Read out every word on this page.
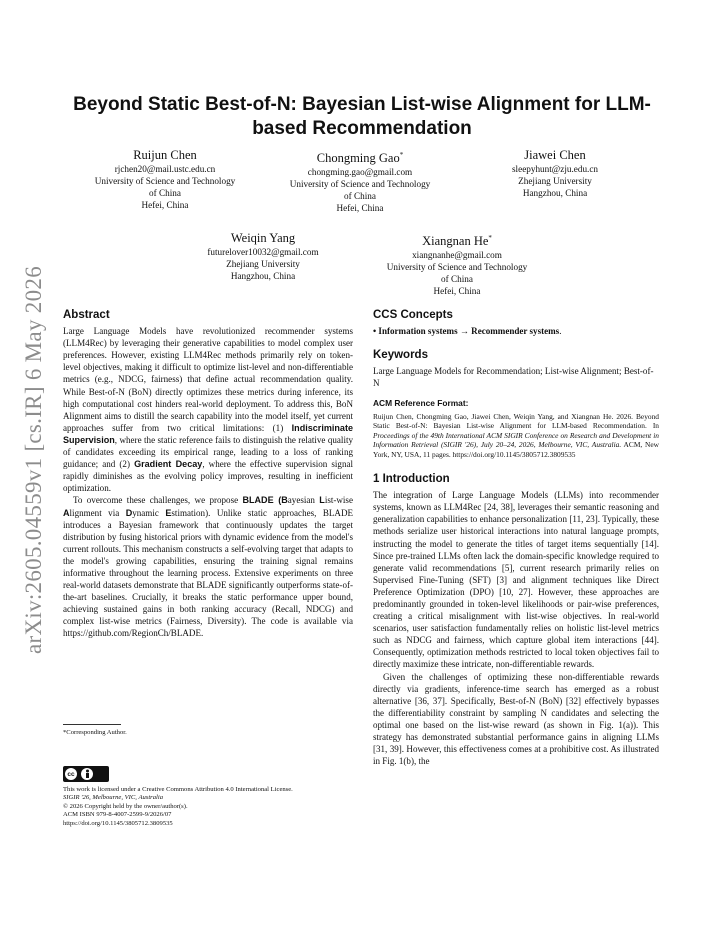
arXiv:2605.04559v1 [cs.IR] 6 May 2026
Beyond Static Best-of-N: Bayesian List-wise Alignment for LLM-based Recommendation
Ruijun Chen
rjchen20@mail.ustc.edu.cn
University of Science and Technology
of China
Hefei, China
Chongming Gao*
chongming.gao@gmail.com
University of Science and Technology
of China
Hefei, China
Jiawei Chen
sleepyhunt@zju.edu.cn
Zhejiang University
Hangzhou, China
Weiqin Yang
futurelover10032@gmail.com
Zhejiang University
Hangzhou, China
Xiangnan He*
xiangnanhe@gmail.com
University of Science and Technology
of China
Hefei, China
Abstract

Large Language Models have revolutionized recommender systems (LLM4Rec) by leveraging their generative capabilities to model complex user preferences. However, existing LLM4Rec methods primarily rely on token-level objectives, making it difficult to optimize list-level and non-differentiable metrics (e.g., NDCG, fairness) that define actual recommendation quality. While Best-of-N (BoN) directly optimizes these metrics during inference, its high computational cost hinders real-world deployment. To address this, BoN Alignment aims to distill the search capability into the model itself, yet current approaches suffer from two critical limitations: (1) Indiscriminate Supervision, where the static reference fails to distinguish the relative quality of candidates exceeding its empirical range, leading to a loss of ranking guidance; and (2) Gradient Decay, where the effective supervision signal rapidly diminishes as the evolving policy improves, resulting in inefficient optimization.

To overcome these challenges, we propose BLADE (Bayesian List-wise Alignment via Dynamic Estimation). Unlike static approaches, BLADE introduces a Bayesian framework that continuously updates the target distribution by fusing historical priors with dynamic evidence from the model's current rollouts. This mechanism constructs a self-evolving target that adapts to the model's growing capabilities, ensuring the training signal remains informative throughout the learning process. Extensive experiments on three real-world datasets demonstrate that BLADE significantly outperforms state-of-the-art baselines. Crucially, it breaks the static performance upper bound, achieving sustained gains in both ranking accuracy (Recall, NDCG) and complex list-wise metrics (Fairness, Diversity). The code is available via https://github.com/RegionCh/BLADE.

*Corresponding Author.
cc
This work is licensed under a Creative Commons Attribution 4.0 International License.
SIGIR '26, Melbourne, VIC, Australia
© 2026 Copyright held by the owner/author(s).
ACM ISBN 979-8-4007-2599-9/2026/07
https://doi.org/10.1145/3805712.3809535
CCS Concepts

• Information systems → Recommender systems.

Keywords

Large Language Models for Recommendation; List-wise Alignment; Best-of-N

ACM Reference Format:

Ruijun Chen, Chongming Gao, Jiawei Chen, Weiqin Yang, and Xiangnan He. 2026. Beyond Static Best-of-N: Bayesian List-wise Alignment for LLM-based Recommendation. In Proceedings of the 49th International ACM SIGIR Conference on Research and Development in Information Retrieval (SIGIR '26), July 20–24, 2026, Melbourne, VIC, Australia. ACM, New York, NY, USA, 11 pages. https://doi.org/10.1145/3805712.3809535

1 Introduction

The integration of Large Language Models (LLMs) into recommender systems, known as LLM4Rec [24, 38], leverages their semantic reasoning and generalization capabilities to enhance personalization [11, 23]. Typically, these methods serialize user historical interactions into natural language prompts, instructing the model to generate the titles of target items sequentially [14]. Since pre-trained LLMs often lack the domain-specific knowledge required to generate valid recommendations [5], current research primarily relies on Supervised Fine-Tuning (SFT) [3] and alignment techniques like Direct Preference Optimization (DPO) [10, 27]. However, these approaches are predominantly grounded in token-level likelihoods or pair-wise preferences, creating a critical misalignment with list-wise objectives. In real-world scenarios, user satisfaction fundamentally relies on holistic list-level metrics such as NDCG and fairness, which capture global item interactions [44]. Consequently, optimization methods restricted to local token objectives fail to directly maximize these intricate, non-differentiable rewards.

Given the challenges of optimizing these non-differentiable rewards directly via gradients, inference-time search has emerged as a robust alternative [36, 37]. Specifically, Best-of-N (BoN) [32] effectively bypasses the differentiability constraint by sampling N candidates and selecting the optimal one based on the list-wise reward (as shown in Fig. 1(a)). This strategy has demonstrated substantial performance gains in aligning LLMs [31, 39]. However, this effectiveness comes at a prohibitive cost. As illustrated in Fig. 1(b), the
